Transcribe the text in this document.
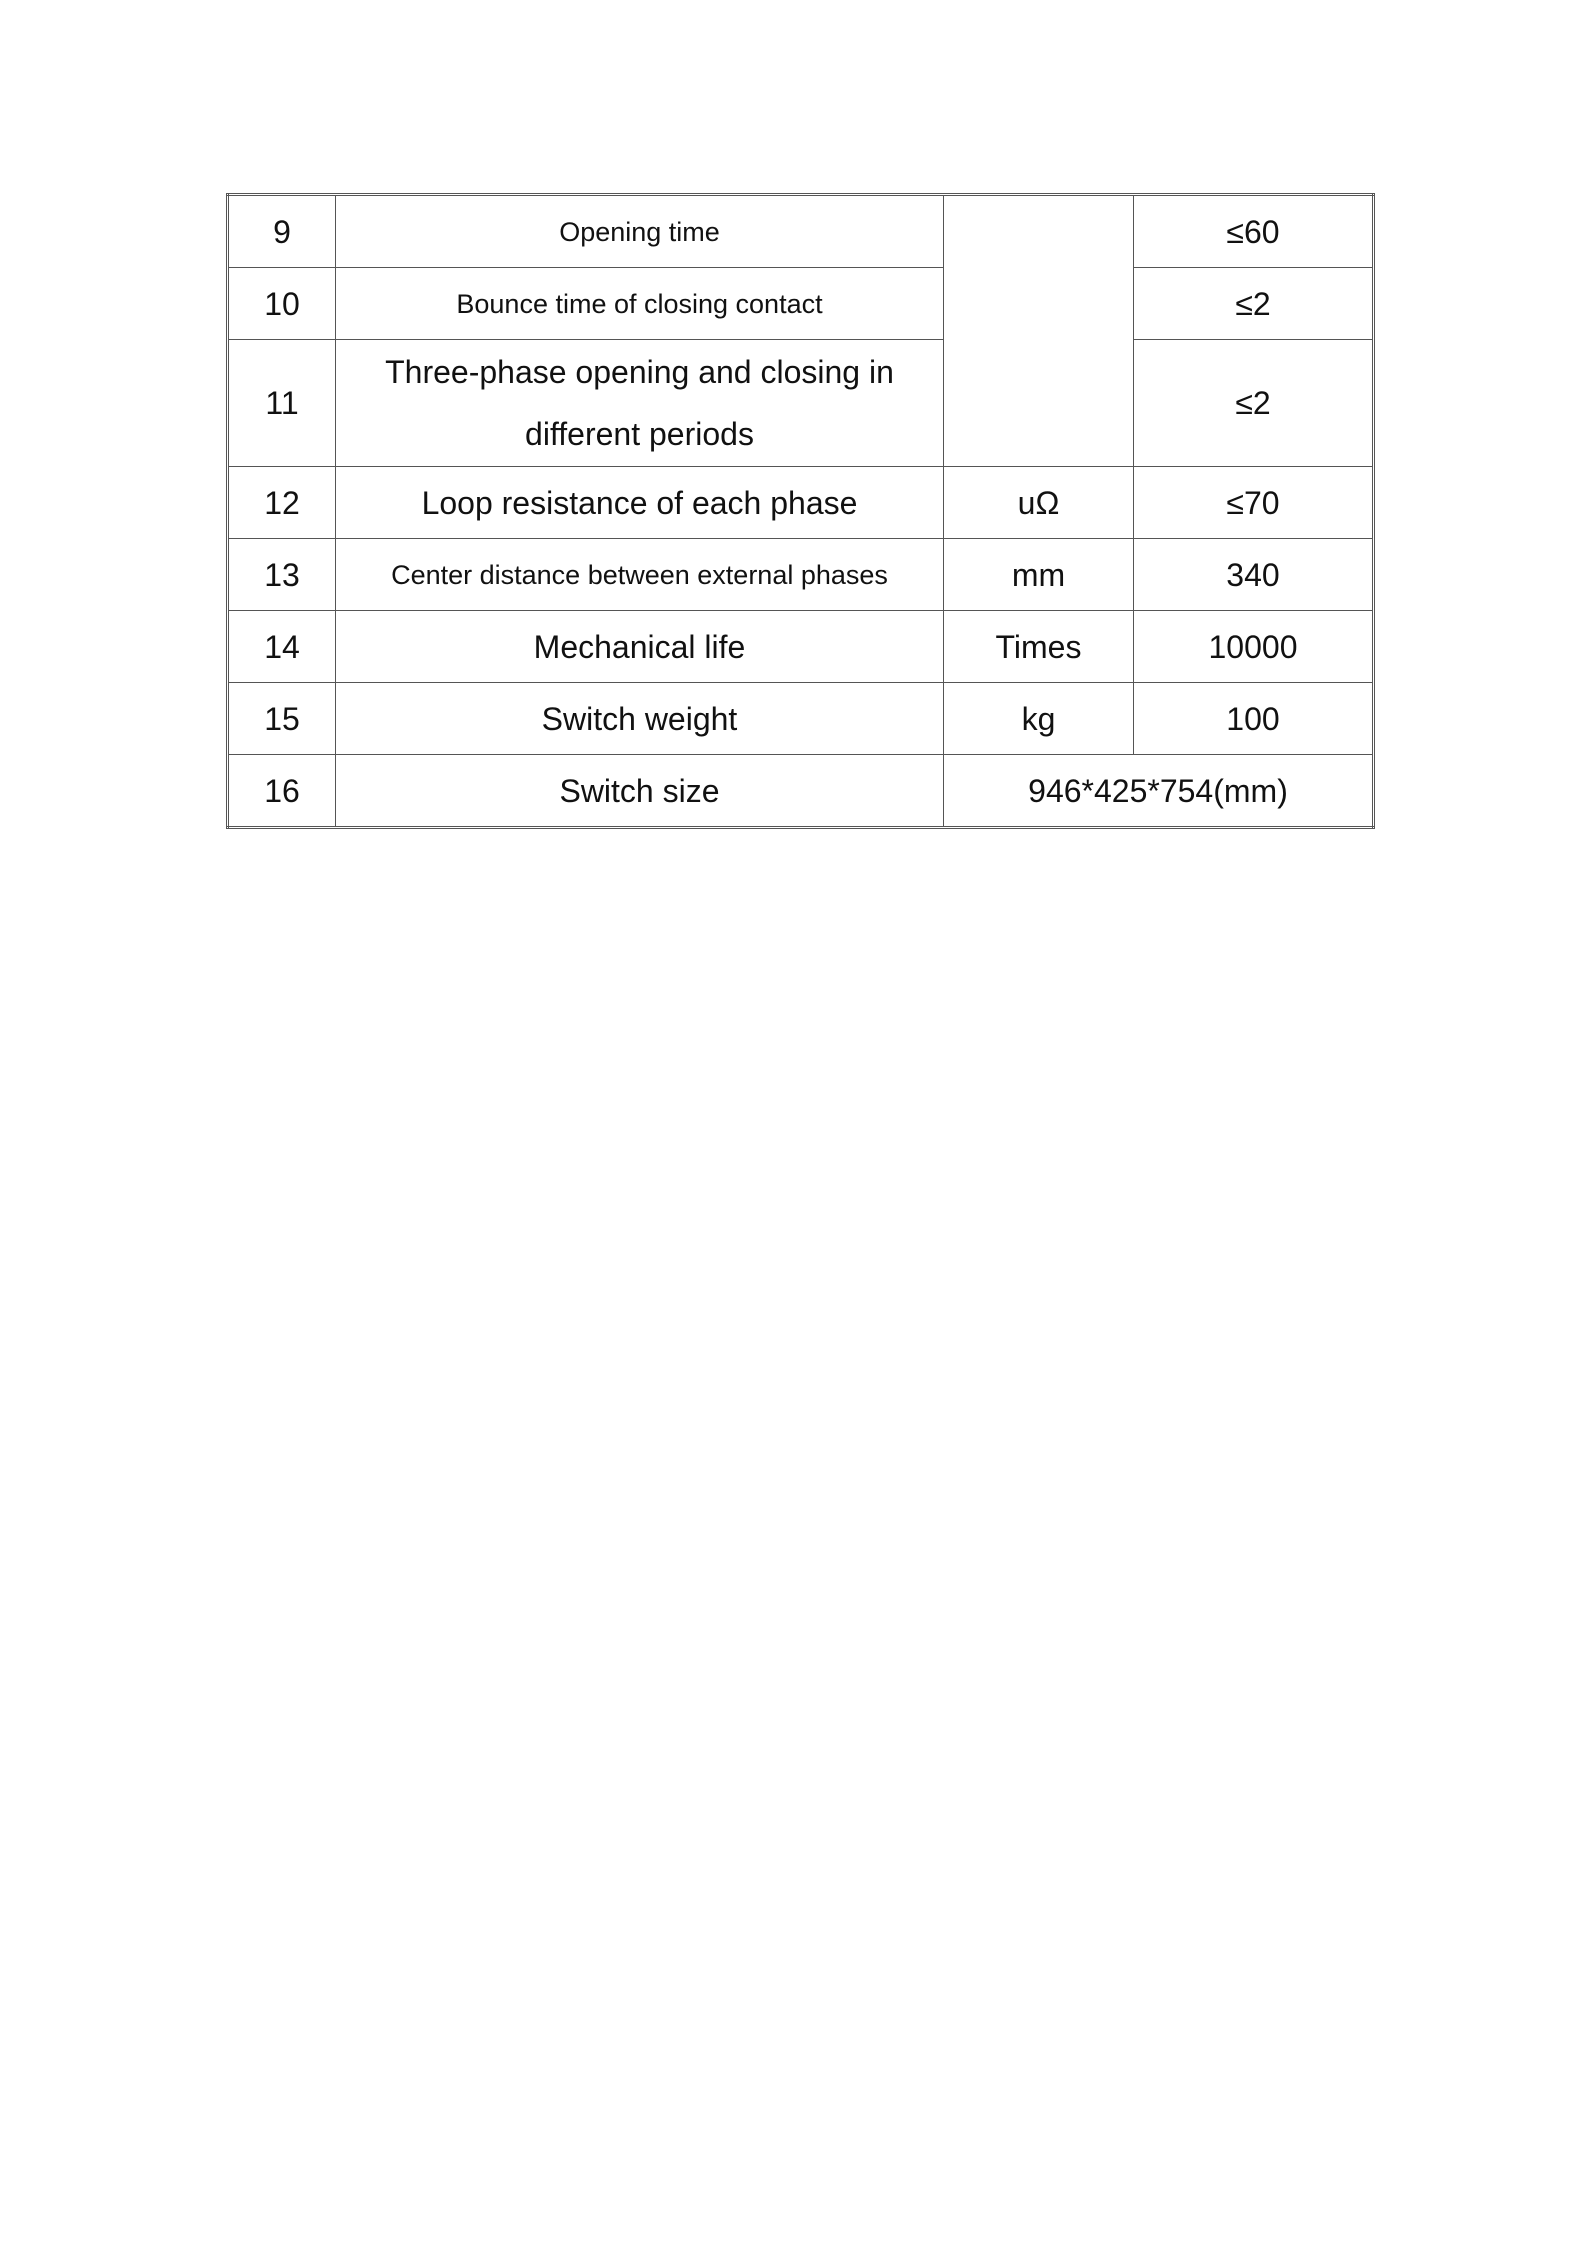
9	Opening time		≤60
10	Bounce time of closing contact		≤2
11	Three-phase opening and closing in different periods		≤2
12	Loop resistance of each phase	uΩ	≤70
13	Center distance between external phases	mm	340
14	Mechanical life	Times	10000
15	Switch weight	kg	100
16	Switch size	946*425*754(mm)	
